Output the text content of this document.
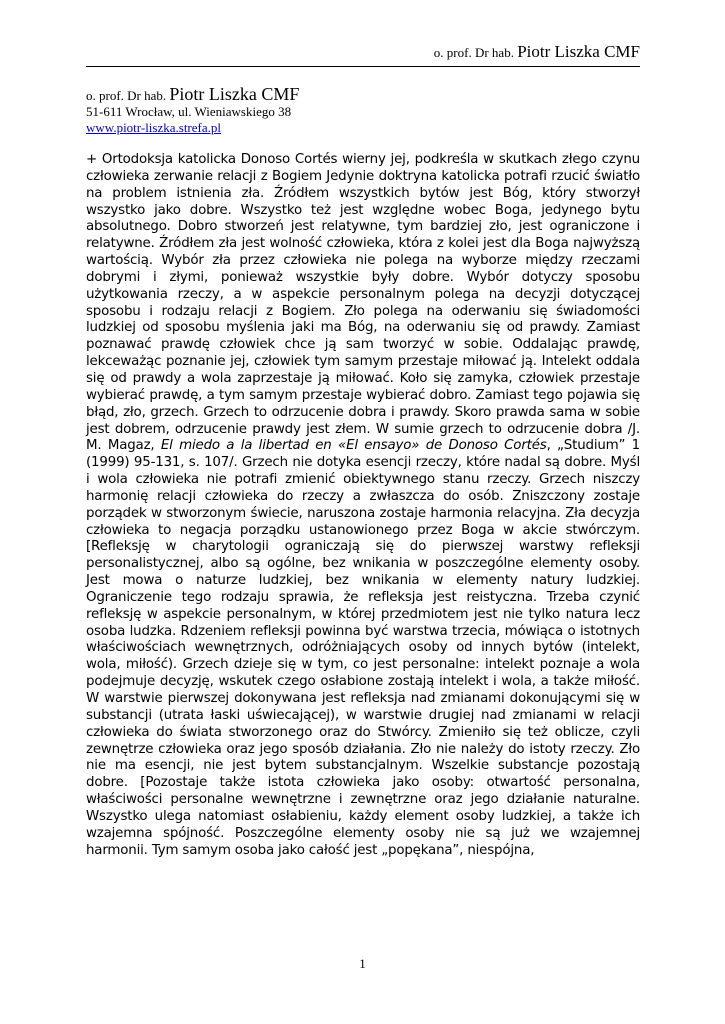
o. prof. Dr hab. Piotr Liszka CMF
o. prof. Dr hab. Piotr Liszka CMF
51-611 Wrocław, ul. Wieniawskiego 38
www.piotr-liszka.strefa.pl

+ Ortodoksja katolicka Donoso Cortés wierny jej, podkreśla w skutkach złego czynu człowieka zerwanie relacji z Bogiem Jedynie doktryna katolicka potrafi rzucić światło na problem istnienia zła. Źródłem wszystkich bytów jest Bóg, który stworzył wszystko jako dobre. Wszystko też jest względne wobec Boga, jedynego bytu absolutnego. Dobro stworzeń jest relatywne, tym bardziej zło, jest ograniczone i relatywne. Źródłem zła jest wolność człowieka, która z kolei jest dla Boga najwyższą wartością. Wybór zła przez człowieka nie polega na wyborze między rzeczami dobrymi i złymi, ponieważ wszystkie były dobre. Wybór dotyczy sposobu użytkowania rzeczy, a w aspekcie personalnym polega na decyzji dotyczącej sposobu i rodzaju relacji z Bogiem. Zło polega na oderwaniu się świadomości ludzkiej od sposobu myślenia jaki ma Bóg, na oderwaniu się od prawdy. Zamiast poznawać prawdę człowiek chce ją sam tworzyć w sobie. Oddalając prawdę, lekceważąc poznanie jej, człowiek tym samym przestaje miłować ją. Intelekt oddala się od prawdy a wola zaprzestaje ją miłować. Koło się zamyka, człowiek przestaje wybierać prawdę, a tym samym przestaje wybierać dobro. Zamiast tego pojawia się błąd, zło, grzech. Grzech to odrzucenie dobra i prawdy. Skoro prawda sama w sobie jest dobrem, odrzucenie prawdy jest złem. W sumie grzech to odrzucenie dobra /J. M. Magaz, El miedo a la libertad en «El ensayo» de Donoso Cortés, „Studium” 1 (1999) 95-131, s. 107/. Grzech nie dotyka esencji rzeczy, które nadal są dobre. Myśl i wola człowieka nie potrafi zmienić obiektywnego stanu rzeczy. Grzech niszczy harmonię relacji człowieka do rzeczy a zwłaszcza do osób. Zniszczony zostaje porządek w stworzonym świecie, naruszona zostaje harmonia relacyjna. Zła decyzja człowieka to negacja porządku ustanowionego przez Boga w akcie stwórczym. [Refleksję w charytologii ograniczają się do pierwszej warstwy refleksji personalistycznej, albo są ogólne, bez wnikania w poszczególne elementy osoby. Jest mowa o naturze ludzkiej, bez wnikania w elementy natury ludzkiej. Ograniczenie tego rodzaju sprawia, że refleksja jest reistyczna. Trzeba czynić refleksję w aspekcie personalnym, w której przedmiotem jest nie tylko natura lecz osoba ludzka. Rdzeniem refleksji powinna być warstwa trzecia, mówiąca o istotnych właściwościach wewnętrznych, odróżniających osoby od innych bytów (intelekt, wola, miłość). Grzech dzieje się w tym, co jest personalne: intelekt poznaje a wola podejmuje decyzję, wskutek czego osłabione zostają intelekt i wola, a także miłość. W warstwie pierwszej dokonywana jest refleksja nad zmianami dokonującymi się w substancji (utrata łaski uświecającej), w warstwie drugiej nad zmianami w relacji człowieka do świata stworzonego oraz do Stwórcy. Zmieniło się też oblicze, czyli zewnętrze człowieka oraz jego sposób działania. Zło nie należy do istoty rzeczy. Zło nie ma esencji, nie jest bytem substancjalnym. Wszelkie substancje pozostają dobre. [Pozostaje także istota człowieka jako osoby: otwartość personalna, właściwości personalne wewnętrzne i zewnętrzne oraz jego działanie naturalne. Wszystko ulega natomiast osłabieniu, każdy element osoby ludzkiej, a także ich wzajemna spójność. Poszczególne elementy osoby nie są już we wzajemnej harmonii. Tym samym osoba jako całość jest „popękana”, niespójna,

1
